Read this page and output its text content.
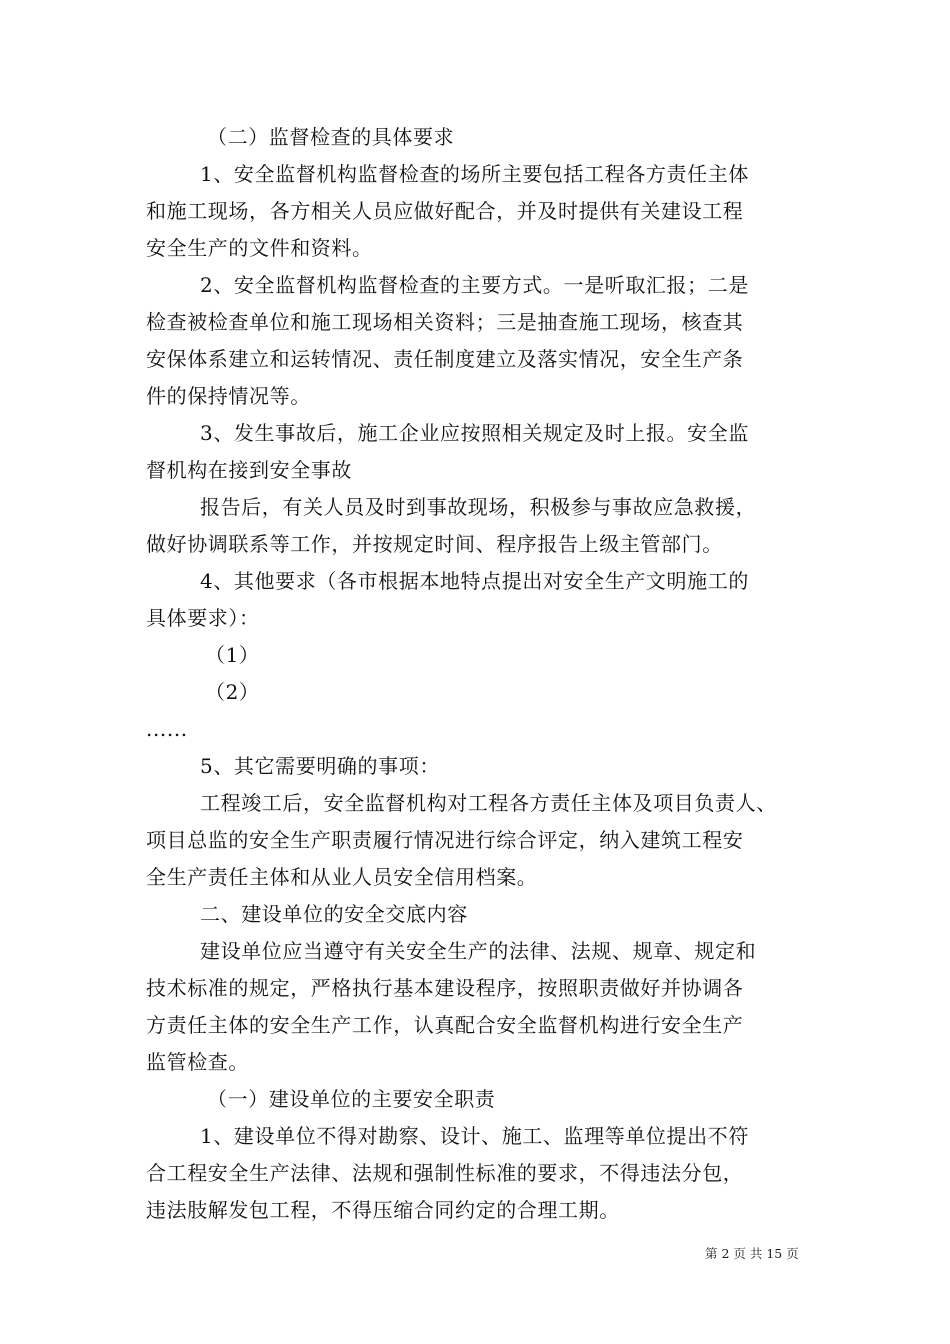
（二）监督检查的具体要求
1、安全监督机构监督检查的场所主要包括工程各方责任主体
和施工现场，各方相关人员应做好配合，并及时提供有关建设工程
安全生产的文件和资料。
2、安全监督机构监督检查的主要方式。一是听取汇报；二是
检查被检查单位和施工现场相关资料；三是抽查施工现场，核查其
安保体系建立和运转情况、责任制度建立及落实情况，安全生产条
件的保持情况等。
3、发生事故后，施工企业应按照相关规定及时上报。安全监
督机构在接到安全事故
报告后，有关人员及时到事故现场，积极参与事故应急救援，
做好协调联系等工作，并按规定时间、程序报告上级主管部门。
4、其他要求（各市根据本地特点提出对安全生产文明施工的
具体要求）：
（1）
（2）
......
5、其它需要明确的事项：
工程竣工后，安全监督机构对工程各方责任主体及项目负责人、
项目总监的安全生产职责履行情况进行综合评定，纳入建筑工程安
全生产责任主体和从业人员安全信用档案。
二、建设单位的安全交底内容
建设单位应当遵守有关安全生产的法律、法规、规章、规定和
技术标准的规定，严格执行基本建设程序，按照职责做好并协调各
方责任主体的安全生产工作，认真配合安全监督机构进行安全生产
监管检查。
（一）建设单位的主要安全职责
1、建设单位不得对勘察、设计、施工、监理等单位提出不符
合工程安全生产法律、法规和强制性标准的要求，不得违法分包，
违法肢解发包工程，不得压缩合同约定的合理工期。
第 2 页 共 15 页
